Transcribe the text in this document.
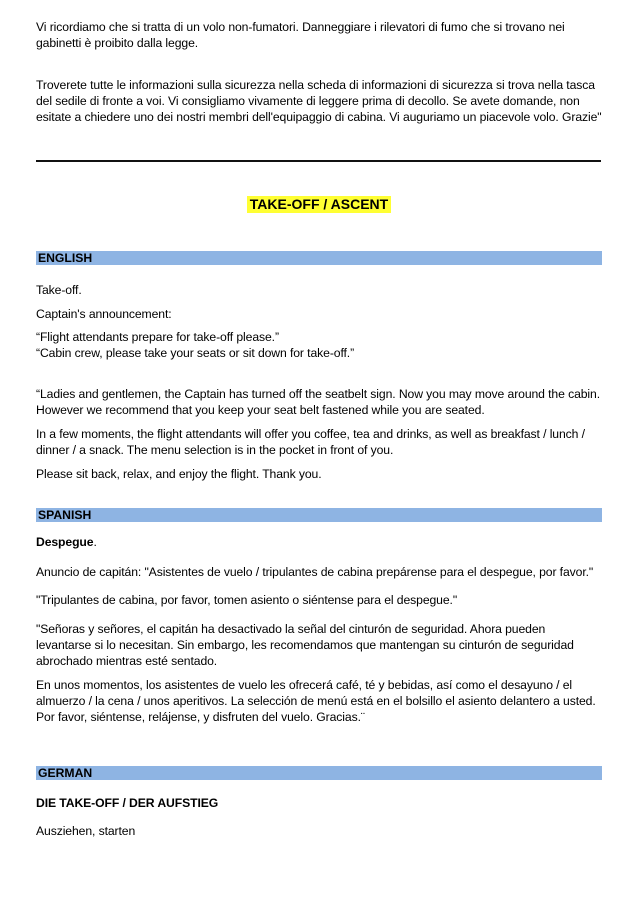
Vi ricordiamo che si tratta di un volo non-fumatori. Danneggiare i rilevatori di fumo che si trovano nei gabinetti è proibito dalla legge.

Troverete tutte le informazioni sulla sicurezza nella scheda di informazioni di sicurezza si trova nella tasca del sedile di fronte a voi. Vi consigliamo vivamente di leggere prima di decollo. Se avete domande, non esitate a chiedere uno dei nostri membri dell'equipaggio di cabina. Vi auguriamo un piacevole volo. Grazie"

TAKE-OFF / ASCENT
ENGLISH

Take-off.

Captain's announcement:

“Flight attendants prepare for take-off please.”

“Cabin crew, please take your seats or sit down for take-off.”

“Ladies and gentlemen, the Captain has turned off the seatbelt sign. Now you may move around the cabin. However we recommend that you keep your seat belt fastened while you are seated.

In a few moments, the flight attendants will offer you coffee, tea and drinks, as well as breakfast / lunch / dinner / a snack. The menu selection is in the pocket in front of you.

Please sit back, relax, and enjoy the flight. Thank you.

SPANISH

Despegue.

Anuncio de capitán: "Asistentes de vuelo / tripulantes de cabina prepárense para el despegue, por favor."

"Tripulantes de cabina, por favor, tomen asiento o siéntense para el despegue."

"Señoras y señores, el capitán ha desactivado la señal del cinturón de seguridad. Ahora pueden levantarse si lo necesitan. Sin embargo, les recomendamos que mantengan su cinturón de seguridad abrochado mientras esté sentado.

En unos momentos, los asistentes de vuelo les ofrecerá café, té y bebidas, así como el desayuno / el almuerzo / la cena / unos aperitivos. La selección de menú está en el bolsillo el asiento delantero a usted. Por favor, siéntense, relájense, y disfruten del vuelo. Gracias.¨

GERMAN

DIE TAKE-OFF / DER AUFSTIEG

Ausziehen, starten
